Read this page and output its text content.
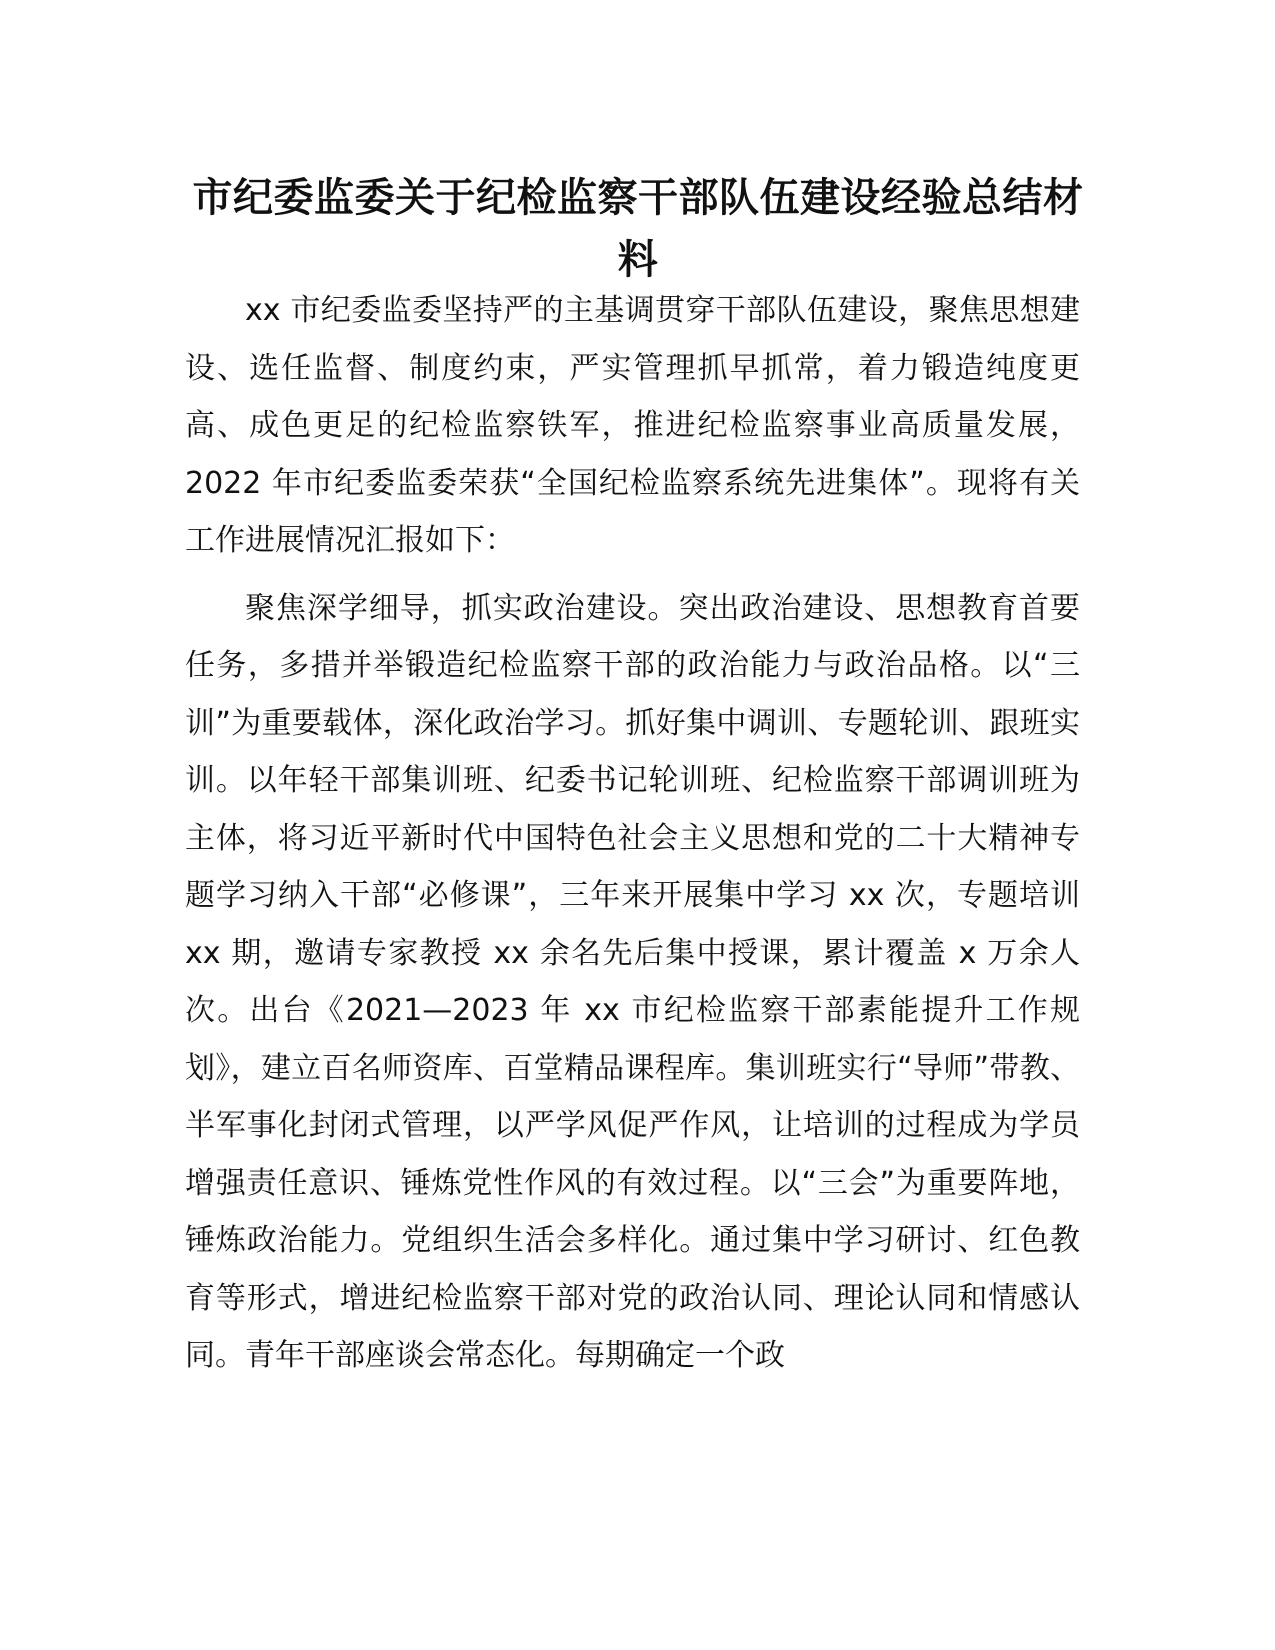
市纪委监委关于纪检监察干部队伍建设经验总结材料

xx 市纪委监委坚持严的主基调贯穿干部队伍建设，聚焦思想建设、选任监督、制度约束，严实管理抓早抓常，着力锻造纯度更高、成色更足的纪检监察铁军，推进纪检监察事业高质量发展，2022 年市纪委监委荣获“全国纪检监察系统先进集体”。现将有关工作进展情况汇报如下：

聚焦深学细导，抓实政治建设。突出政治建设、思想教育首要任务，多措并举锻造纪检监察干部的政治能力与政治品格。以“三训”为重要载体，深化政治学习。抓好集中调训、专题轮训、跟班实训。以年轻干部集训班、纪委书记轮训班、纪检监察干部调训班为主体，将习近平新时代中国特色社会主义思想和党的二十大精神专题学习纳入干部“必修课”，三年来开展集中学习 xx 次，专题培训 xx 期，邀请专家教授 xx 余名先后集中授课，累计覆盖 x 万余人次。出台《2021—2023 年 xx 市纪检监察干部素能提升工作规划》，建立百名师资库、百堂精品课程库。集训班实行“导师”带教、半军事化封闭式管理，以严学风促严作风，让培训的过程成为学员增强责任意识、锤炼党性作风的有效过程。以“三会”为重要阵地，锤炼政治能力。党组织生活会多样化。通过集中学习研讨、红色教育等形式，增进纪检监察干部对党的政治认同、理论认同和情感认同。青年干部座谈会常态化。每期确定一个政
